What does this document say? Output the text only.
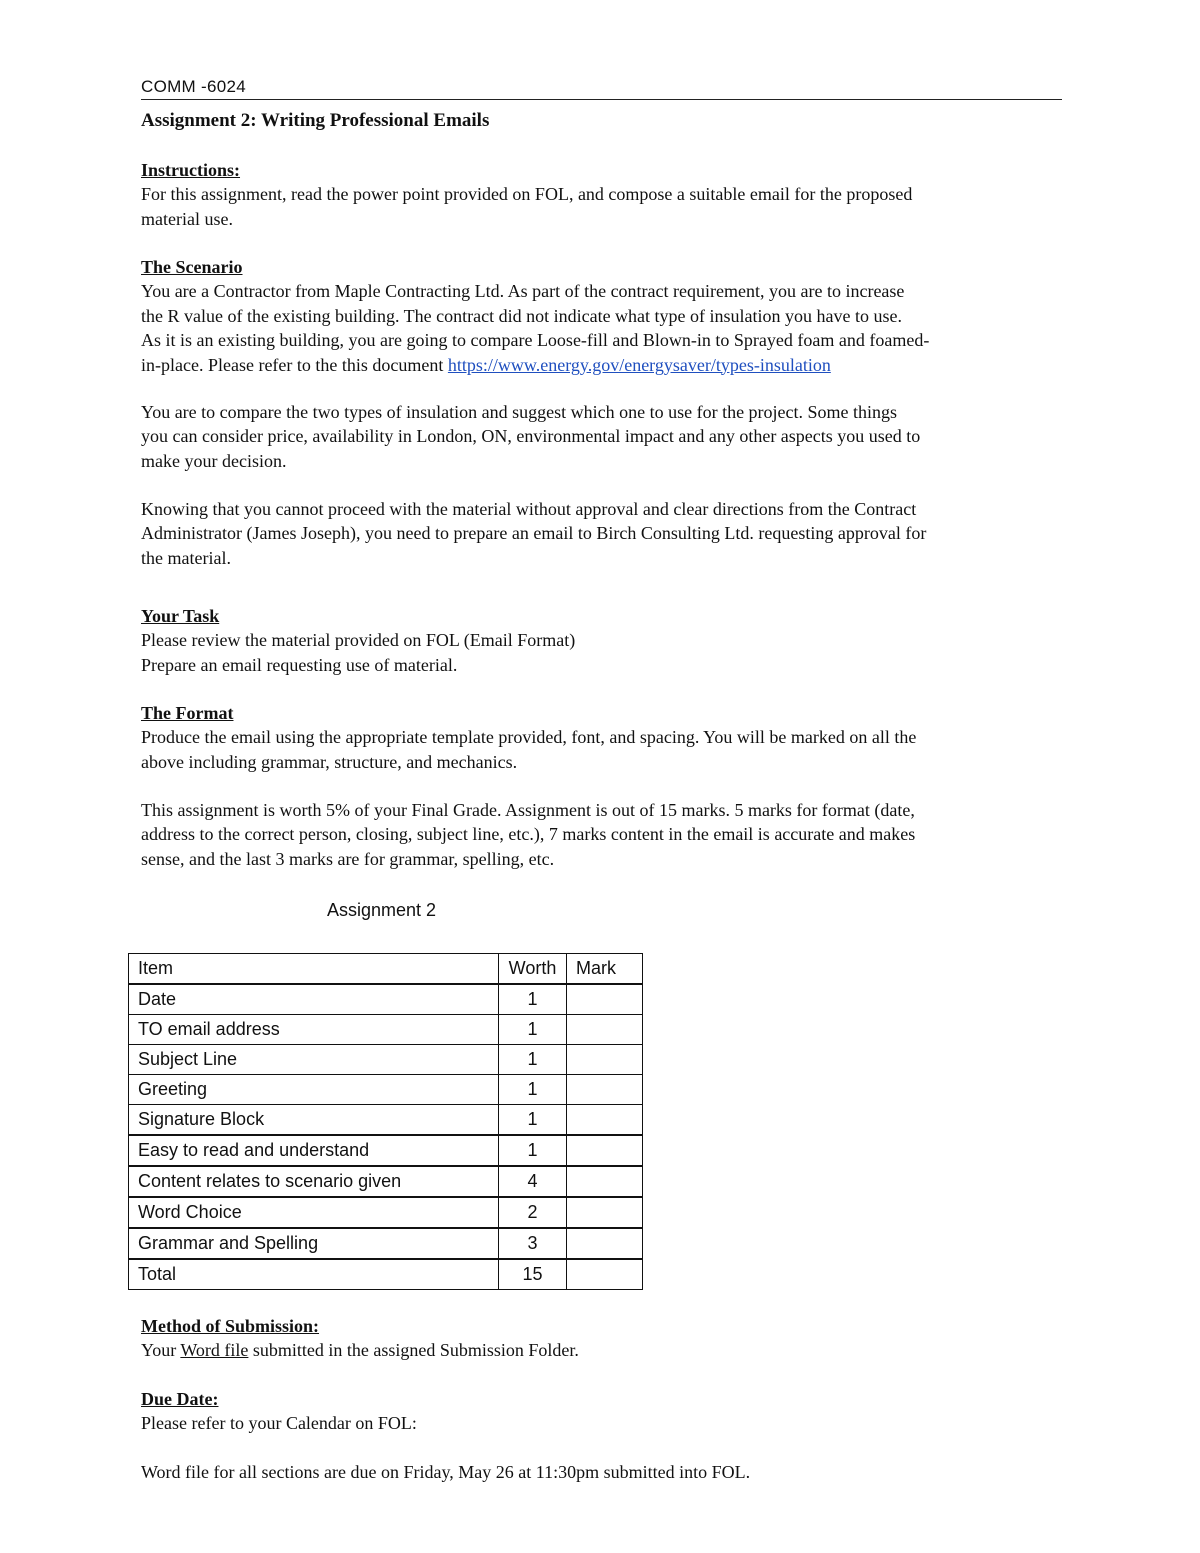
COMM -6024
Assignment 2: Writing Professional Emails
Instructions:

For this assignment, read the power point provided on FOL, and compose a suitable email for the proposed

material use.

The Scenario

You are a Contractor from Maple Contracting Ltd. As part of the contract requirement, you are to increase

the R value of the existing building. The contract did not indicate what type of insulation you have to use.

As it is an existing building, you are going to compare Loose-fill and Blown-in to Sprayed foam and foamed-

in-place. Please refer to the this document https://www.energy.gov/energysaver/types-insulation

You are to compare the two types of insulation and suggest which one to use for the project. Some things

you can consider price, availability in London, ON, environmental impact and any other aspects you used to

make your decision.

Knowing that you cannot proceed with the material without approval and clear directions from the Contract

Administrator (James Joseph), you need to prepare an email to Birch Consulting Ltd. requesting approval for

the material.

Your Task

Please review the material provided on FOL (Email Format)

Prepare an email requesting use of material.

The Format

Produce the email using the appropriate template provided, font, and spacing. You will be marked on all the

above including grammar, structure, and mechanics.

This assignment is worth 5% of your Final Grade. Assignment is out of 15 marks. 5 marks for format (date,

address to the correct person, closing, subject line, etc.), 7 marks content in the email is accurate and makes

sense, and the last 3 marks are for grammar, spelling, etc.

Assignment 2
Item	Worth	Mark
Date	1	
TO email address	1	
Subject Line	1	
Greeting	1	
Signature Block	1	
Easy to read and understand	1	
Content relates to scenario given	4	
Word Choice	2	
Grammar and Spelling	3	
Total	15	
Method of Submission:

Your Word file submitted in the assigned Submission Folder.

Due Date:

Please refer to your Calendar on FOL:

Word file for all sections are due on Friday, May 26 at 11:30pm submitted into FOL.
